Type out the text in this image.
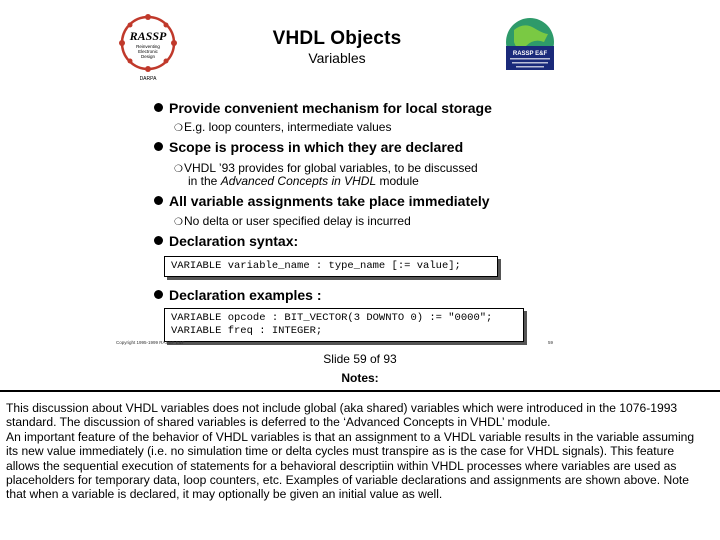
RASSP
Reinventing
Electronic
Design
DARPA
VHDL Objects
Variables	RASSP E&F
Provide convenient mechanism for local storage
❍E.g. loop counters, intermediate values
Scope is process in which they are declared
❍VHDL ’93 provides for global variables, to be discussed
in the Advanced Concepts in VHDL module
All variable assignments take place immediately
❍No delta or user specified delay is incurred
Declaration syntax:
VARIABLE variable_name : type_name [:= value];
Declaration examples :
VARIABLE opcode : BIT_VECTOR(3 DOWNTO 0) := "0000";
VARIABLE freq : INTEGER;
Copyright 1995-1999 RASSP E&F	59
Slide 59 of 93
Notes:

This discussion about VHDL variables does not include global (aka shared) variables which were introduced in the 1076-1993 standard. The discussion of shared variables is deferred to the ‘Advanced Concepts in VHDL’ module.

An important feature of the behavior of VHDL variables is that an assignment to a VHDL variable results in the variable assuming its new value immediately (i.e. no simulation time or delta cycles must transpire as is the case for VHDL signals). This feature allows the sequential execution of statements for a behavioral descriptiin within VHDL processes where variables are used as placeholders for temporary data, loop counters, etc. Examples of variable declarations and assignments are shown above. Note that when a variable is declared, it may optionally be given an initial value as well.
